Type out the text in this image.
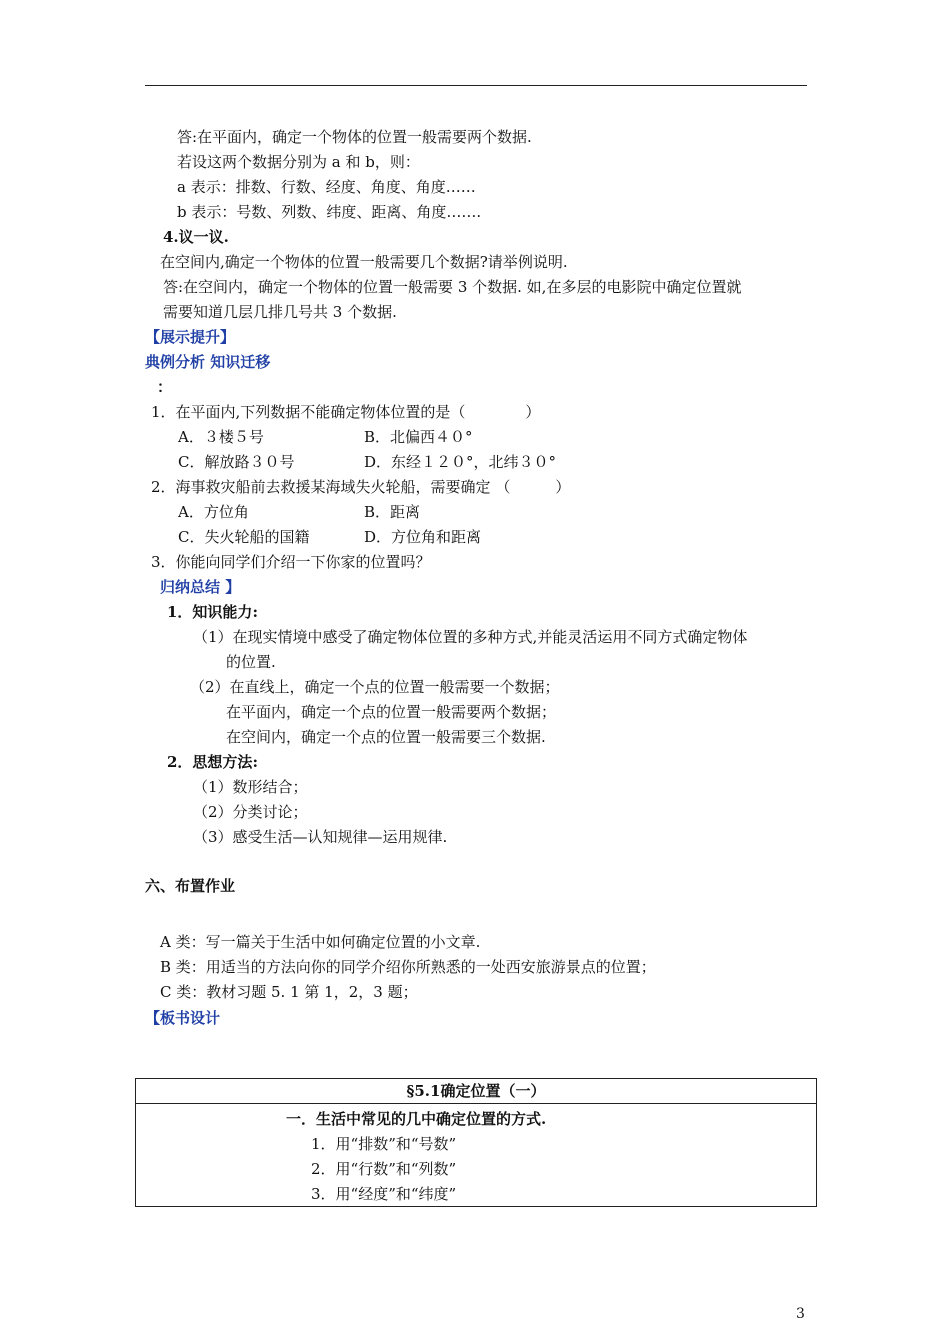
答:在平面内，确定一个物体的位置一般需要两个数据.
若设这两个数据分别为 a 和 b，则：
a 表示：排数、行数、经度、角度、角度……
b 表示：号数、列数、纬度、距离、角度…….
4.议一议.
在空间内,确定一个物体的位置一般需要几个数据?请举例说明.
答:在空间内，确定一个物体的位置一般需要 3 个数据. 如,在多层的电影院中确定位置就
需要知道几层几排几号共 3 个数据.
【展示提升】
典例分析 知识迁移
：
1．在平面内,下列数据不能确定物体位置的是（　　　　）
A．３楼５号	B．北偏西４０°
C．解放路３０号	D．东经１２０°，北纬３０°
2．海事救灾船前去救援某海域失火轮船，需要确定 （　　　）
A．方位角	B．距离
C．失火轮船的国籍	D．方位角和距离
3．你能向同学们介绍一下你家的位置吗？
归纳总结 】
1．知识能力:
（1）在现实情境中感受了确定物体位置的多种方式,并能灵活运用不同方式确定物体
的位置.
（2）在直线上，确定一个点的位置一般需要一个数据；
在平面内，确定一个点的位置一般需要两个数据；
在空间内，确定一个点的位置一般需要三个数据.
2．思想方法:
（1）数形结合；
（2）分类讨论；
（3）感受生活—认知规律—运用规律.
六、布置作业
A 类：写一篇关于生活中如何确定位置的小文章.
B 类：用适当的方法向你的同学介绍你所熟悉的一处西安旅游景点的位置；
C 类：教材习题 5. 1 第 1，2，3 题；
【板书设计
§5.1确定位置（一）
一．生活中常见的几中确定位置的方式.
1．用“排数”和“号数”
2．用“行数”和“列数”
3．用“经度”和“纬度”
3
